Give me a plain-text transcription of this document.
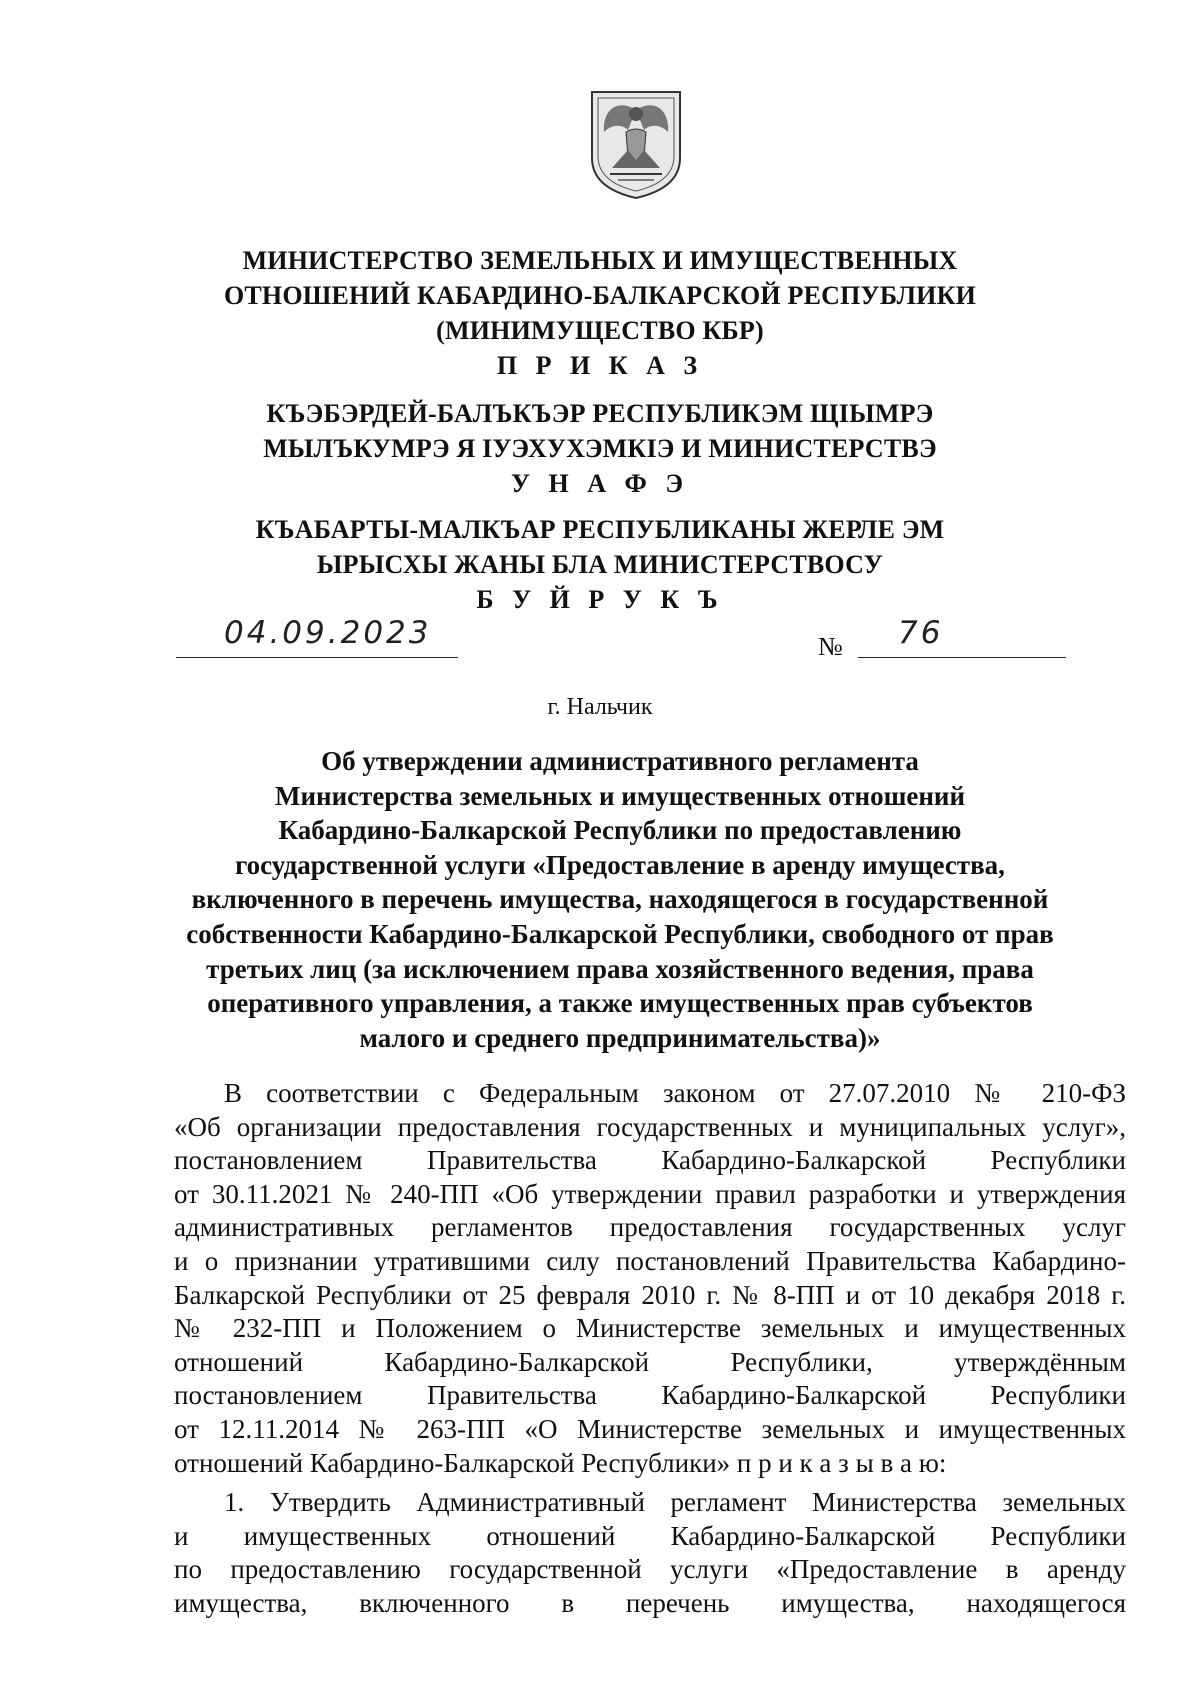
МИНИСТЕРСТВО ЗЕМЕЛЬНЫХ И ИМУЩЕСТВЕННЫХ
ОТНОШЕНИЙ КАБАРДИНО-БАЛКАРСКОЙ РЕСПУБЛИКИ
(МИНИМУЩЕСТВО КБР)
П Р И К А З
КЪЭБЭРДЕЙ-БАЛЪКЪЭР РЕСПУБЛИКЭМ ЩIЫМРЭ
МЫЛЪКУМРЭ Я IУЭХУХЭМКIЭ И МИНИСТЕРСТВЭ
У Н А Ф Э
КЪАБАРТЫ-МАЛКЪАР РЕСПУБЛИКАНЫ ЖЕРЛЕ ЭМ
ЫРЫСХЫ ЖАНЫ БЛА МИНИСТЕРСТВОСУ
Б У Й Р У К Ъ
04.09.2023	№ 76
г. Нальчик
Об утверждении административного регламента
Министерства земельных и имущественных отношений
Кабардино-Балкарской Республики по предоставлению
государственной услуги «Предоставление в аренду имущества,
включенного в перечень имущества, находящегося в государственной
собственности Кабардино-Балкарской Республики, свободного от прав
третьих лиц (за исключением права хозяйственного ведения, права
оперативного управления, а также имущественных прав субъектов
малого и среднего предпринимательства)»
В соответствии с Федеральным законом от 27.07.2010 № 210-ФЗ
«Об организации предоставления государственных и муниципальных услуг»,
постановлением Правительства Кабардино-Балкарской Республики
от 30.11.2021 № 240-ПП «Об утверждении правил разработки и утверждения
административных регламентов предоставления государственных услуг
и о признании утратившими силу постановлений Правительства Кабардино-
Балкарской Республики от 25 февраля 2010 г. № 8-ПП и от 10 декабря 2018 г.
№ 232-ПП и Положением о Министерстве земельных и имущественных
отношений Кабардино-Балкарской Республики, утверждённым
постановлением Правительства Кабардино-Балкарской Республики
от 12.11.2014 № 263-ПП «О Министерстве земельных и имущественных
отношений Кабардино-Балкарской Республики» п р и к а з ы в а ю:
1. Утвердить Административный регламент Министерства земельных
и имущественных отношений Кабардино-Балкарской Республики
по предоставлению государственной услуги «Предоставление в аренду
имущества, включенного в перечень имущества, находящегося
